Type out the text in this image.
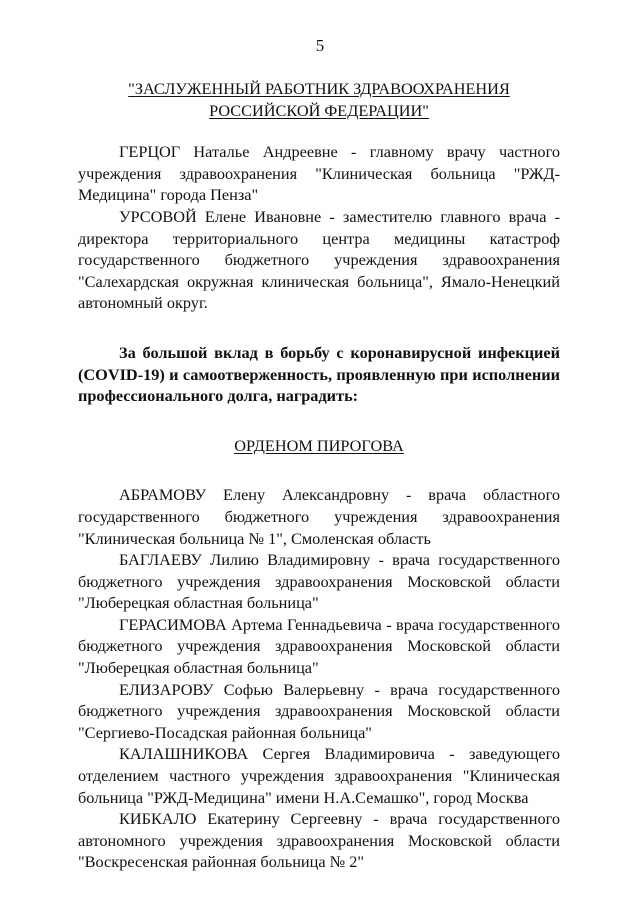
5

"ЗАСЛУЖЕННЫЙ РАБОТНИК ЗДРАВООХРАНЕНИЯ РОССИЙСКОЙ ФЕДЕРАЦИИ"

ГЕРЦОГ Наталье Андреевне - главному врачу частного учреждения здравоохранения "Клиническая больница "РЖД-Медицина" города Пенза"

УРСОВОЙ Елене Ивановне - заместителю главного врача - директора территориального центра медицины катастроф государственного бюджетного учреждения здравоохранения "Салехардская окружная клиническая больница", Ямало-Ненецкий автономный округ.

За большой вклад в борьбу с коронавирусной инфекцией (COVID-19) и самоотверженность, проявленную при исполнении профессионального долга, наградить:

ОРДЕНОМ ПИРОГОВА

АБРАМОВУ Елену Александровну - врача областного государственного бюджетного учреждения здравоохранения "Клиническая больница № 1", Смоленская область

БАГЛАЕВУ Лилию Владимировну - врача государственного бюджетного учреждения здравоохранения Московской области "Люберецкая областная больница"

ГЕРАСИМОВА Артема Геннадьевича - врача государственного бюджетного учреждения здравоохранения Московской области "Люберецкая областная больница"

ЕЛИЗАРОВУ Софью Валерьевну - врача государственного бюджетного учреждения здравоохранения Московской области "Сергиево-Посадская районная больница"

КАЛАШНИКОВА Сергея Владимировича - заведующего отделением частного учреждения здравоохранения "Клиническая больница "РЖД-Медицина" имени Н.А.Семашко", город Москва

КИБКАЛО Екатерину Сергеевну - врача государственного автономного учреждения здравоохранения Московской области "Воскресенская районная больница № 2"
